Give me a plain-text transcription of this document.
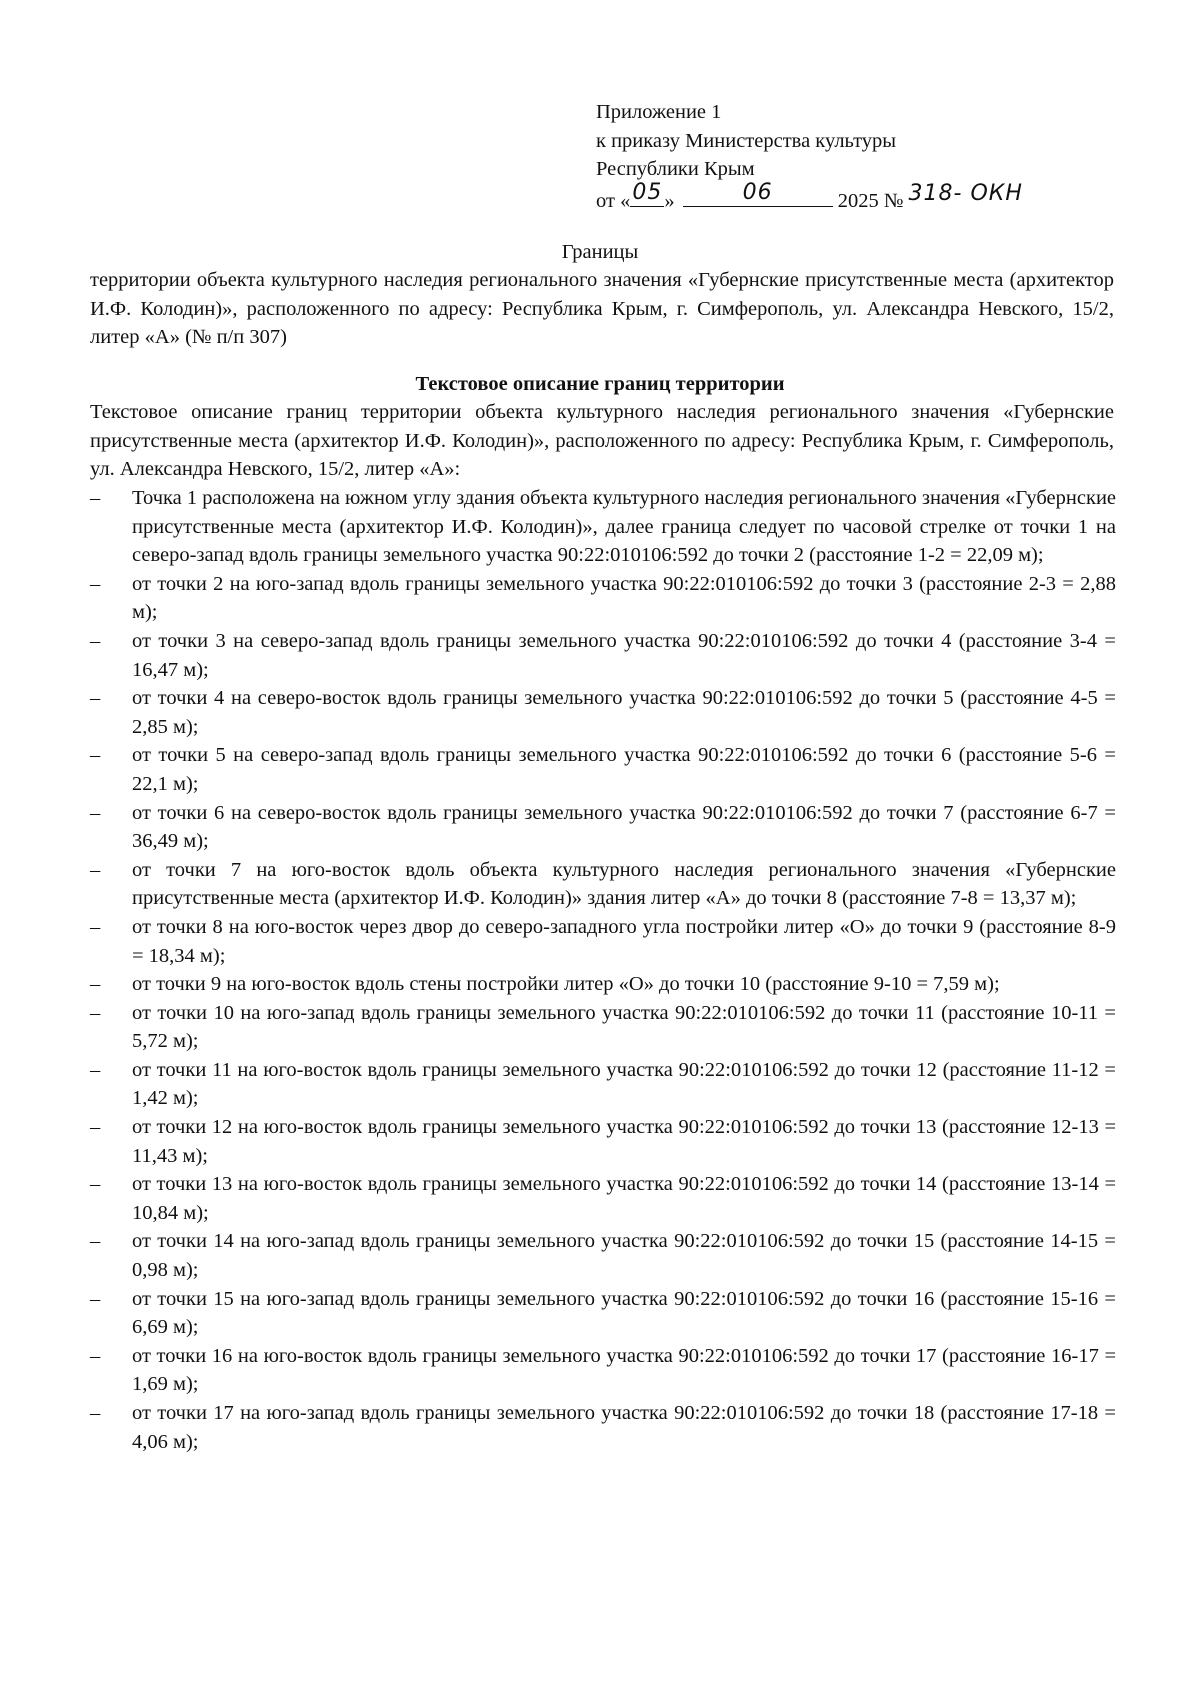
Приложение 1
к приказу Министерства культуры
Республики Крым
от « 05 »	06	2025 № 318- ОКН
Границы
территории объекта культурного наследия регионального значения «Губернские присутственные места (архитектор И.Ф. Колодин)», расположенного по адресу: Республика Крым, г. Симферополь, ул. Александра Невского, 15/2, литер «А» (№ п/п 307)
Текстовое описание границ территории
Текстовое описание границ территории объекта культурного наследия регионального значения «Губернские присутственные места (архитектор И.Ф. Колодин)», расположенного по адресу: Республика Крым, г. Симферополь, ул. Александра Невского, 15/2, литер «А»:
– Точка 1 расположена на южном углу здания объекта культурного наследия регионального значения «Губернские присутственные места (архитектор И.Ф. Колодин)», далее граница следует по часовой стрелке от точки 1 на северо-запад вдоль границы земельного участка 90:22:010106:592 до точки 2 (расстояние 1-2 = 22,09 м);
– от точки 2 на юго-запад вдоль границы земельного участка 90:22:010106:592 до точки 3 (расстояние 2-3 = 2,88 м);
– от точки 3 на северо-запад вдоль границы земельного участка 90:22:010106:592 до точки 4 (расстояние 3-4 = 16,47 м);
– от точки 4 на северо-восток вдоль границы земельного участка 90:22:010106:592 до точки 5 (расстояние 4-5 = 2,85 м);
– от точки 5 на северо-запад вдоль границы земельного участка 90:22:010106:592 до точки 6 (расстояние 5-6 = 22,1 м);
– от точки 6 на северо-восток вдоль границы земельного участка 90:22:010106:592 до точки 7 (расстояние 6-7 = 36,49 м);
– от точки 7 на юго-восток вдоль объекта культурного наследия регионального значения «Губернские присутственные места (архитектор И.Ф. Колодин)» здания литер «А» до точки 8 (расстояние 7-8 = 13,37 м);
– от точки 8 на юго-восток через двор до северо-западного угла постройки литер «О» до точки 9 (расстояние 8-9 = 18,34 м);
– от точки 9 на юго-восток вдоль стены постройки литер «О» до точки 10 (расстояние 9-10 = 7,59 м);
– от точки 10 на юго-запад вдоль границы земельного участка 90:22:010106:592 до точки 11 (расстояние 10-11 = 5,72 м);
– от точки 11 на юго-восток вдоль границы земельного участка 90:22:010106:592 до точки 12 (расстояние 11-12 = 1,42 м);
– от точки 12 на юго-восток вдоль границы земельного участка 90:22:010106:592 до точки 13 (расстояние 12-13 = 11,43 м);
– от точки 13 на юго-восток вдоль границы земельного участка 90:22:010106:592 до точки 14 (расстояние 13-14 = 10,84 м);
– от точки 14 на юго-запад вдоль границы земельного участка 90:22:010106:592 до точки 15 (расстояние 14-15 = 0,98 м);
– от точки 15 на юго-запад вдоль границы земельного участка 90:22:010106:592 до точки 16 (расстояние 15-16 = 6,69 м);
– от точки 16 на юго-восток вдоль границы земельного участка 90:22:010106:592 до точки 17 (расстояние 16-17 = 1,69 м);
– от точки 17 на юго-запад вдоль границы земельного участка 90:22:010106:592 до точки 18 (расстояние 17-18 = 4,06 м);
